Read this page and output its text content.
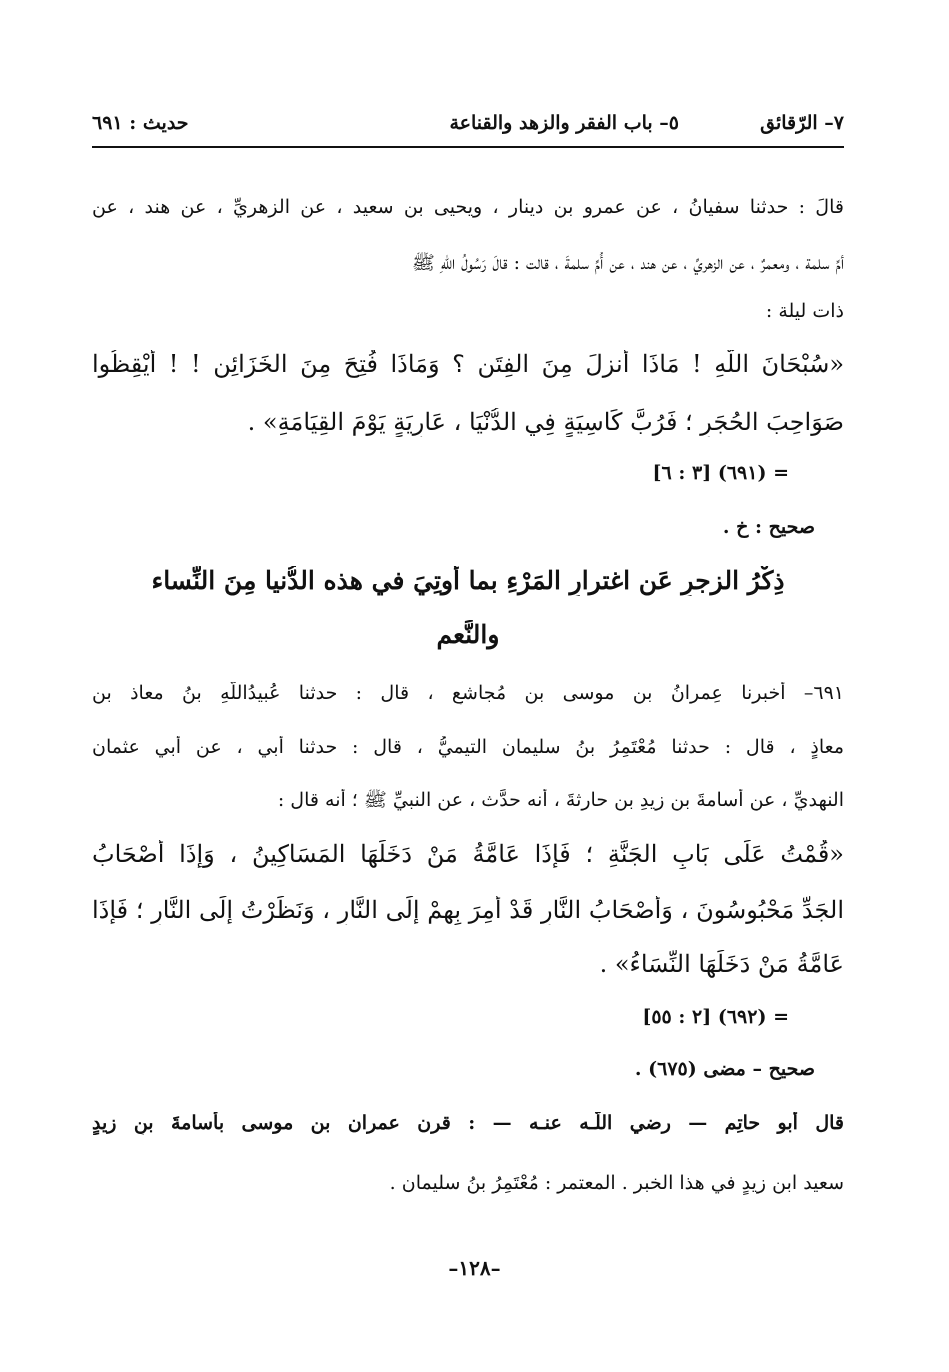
٧– الرّقائق
٥– باب الفقر والزهد والقناعة
حديث : ٦٩١
قالَ : حدثنا سفيانُ ، عن عمرو بن دينار ، ويحيى بن سعيد ، عن الزهريِّ ، عن هند ، عن
أمِّ سلمة ، ومعمرٌ ، عن الزهريِّ ، عن هند ، عن أُمِّ سلمةَ ، قالت : قالَ رَسُولُ اللّهِ ﷺ
ذات ليلة :
«سُبْحَانَ اللّهِ ! مَاذَا أُنزلَ مِنَ الفِتَنِ ؟ وَمَاذَا فُتِحَ مِنَ الخَزَائِنِ ! ! أَيْقِظُوا
صَوَاحِبَ الحُجَرِ ؛ فَرُبَّ كَاسِيَةٍ فِي الدُّنْيَا ، عَارِيَةٍ يَوْمَ القِيَامَةِ» .
= (٦٩١) [٣ : ٦]
صحيح : خ .
ذِكْرُ الزجرِ عَنِ اغترارِ المَرْءِ بما أُوتِيَ في هذه الدُّنيا مِنَ النِّساء
والنَّعم
٦٩١– أخبرنا عِمرانُ بن موسى بن مُجاشعٍ ، قال : حدثنا عُبيدُاللّهِ بنُ معاذ بن
معاذٍ ، قال : حدثنا مُعْتَمِرُ بنُ سليمان التيميُّ ، قال : حدثنا أبي ، عن أبي عثمان
النهديِّ ، عن أُسامةَ بنِ زيدِ بن حارثةَ ، أنه حدَّث ، عن النبيِّ ﷺ ؛ أنه قال :
«قُمْتُ عَلَى بَابِ الجَنَّةِ ؛ فَإِذَا عَامَّةُ مَنْ دَخَلَهَا المَسَاكِينُ ، وَإِذَا أَصْحَابُ
الجَدِّ مَحْبُوسُونَ ، وَأَصْحَابُ النَّارِ قَدْ أُمِرَ بِهِمْ إِلَى النَّارِ ، وَنَظَرْتُ إِلَى النَّارِ ؛ فَإِذَا
عَامَّةُ مَنْ دَخَلَهَا النِّسَاءُ» .
= (٦٩٢) [٢ : ٥٥]
صحيح – مضى (٦٧٥) .
قال أبو حاتِم — رضي اللّـه عنـه — : قرن عمران بن موسى بأسامةَ بنِ زيدٍ
سعيد ابن زيدٍ في هذا الخبر . المعتمر : مُعْتَمِرُ بنُ سليمان .
–١٢٨–
